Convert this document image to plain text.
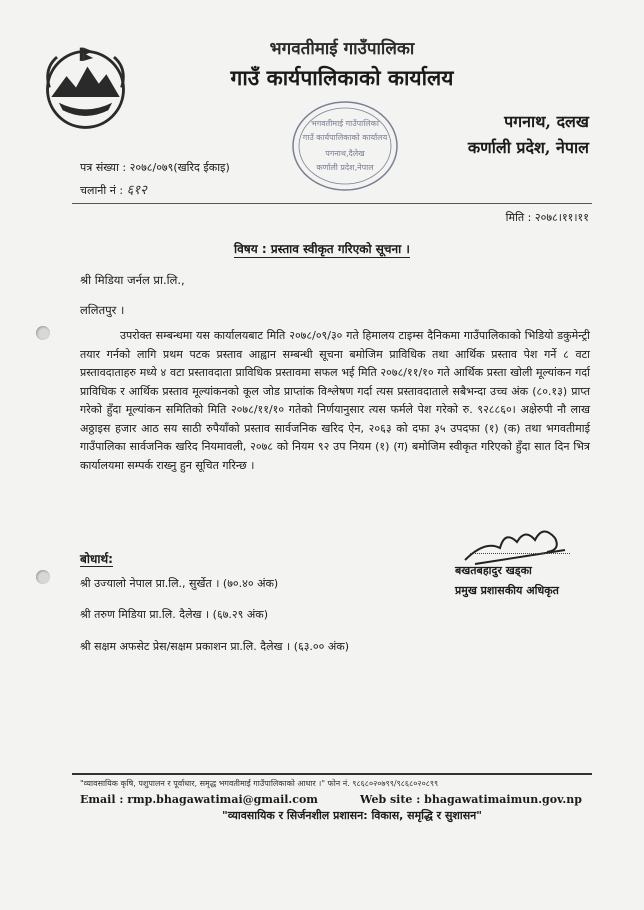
भगवतीमाई गाउँपालिका
गाउँ कार्यपालिकाको कार्यालय
पगनाथ, दलख
कर्णाली प्रदेश, नेपाल
भगवतीमाई गाउँपालिका
गाउँ कार्यपालिकाको कार्यालय
पगनाथ,दैलेख
कर्णाली प्रदेश,नेपाल
पत्र संख्या : २०७८/०७९(खरिद ईकाइ)
चलानी नं : ६१२
मिति : २०७८।११।११
विषय : प्रस्ताव स्वीकृत गरिएको सूचना ।
श्री मिडिया जर्नल प्रा.लि.,
ललितपुर ।
उपरोक्त सम्बन्धमा यस कार्यालयबाट मिति २०७८/०९/३० गते हिमालय टाइम्स दैनिकमा गाउँपालिकाको भिडियो डकुमेन्ट्री तयार गर्नको लागि प्रथम पटक प्रस्ताव आह्वान सम्बन्धी सूचना बमोजिम प्राविधिक तथा आर्थिक प्रस्ताव पेश गर्ने ८ वटा प्रस्तावदाताहरु मध्ये ४ वटा प्रस्तावदाता प्राविधिक प्रस्तावमा सफल भई मिति २०७८/११/१० गते आर्थिक प्रस्ता खोली मूल्यांकन गर्दा प्राविधिक र आर्थिक प्रस्ताव मूल्यांकनको कूल जोड प्राप्तांक विश्लेषण गर्दा त्यस प्रस्तावदाताले सबैभन्दा उच्च अंक (८०.१३) प्राप्त गरेको हुँदा मूल्यांकन समितिको मिति २०७८/११/१० गतेको निर्णयानुसार त्यस फर्मले पेश गरेको रु. ९२८८६०। अक्षेरुपी नौ लाख अठ्ठाइस हजार आठ सय साठी रुपैयाँको प्रस्ताव सार्वजनिक खरिद ऐन, २०६३ को दफा ३५ उपदफा (१) (क) तथा भगवतीमाई गाउँपालिका सार्वजनिक खरिद नियमावली, २०७८ को नियम ९२ उप नियम (१) (ग) बमोजिम स्वीकृत गरिएको हुँदा सात दिन भित्र कार्यालयमा सम्पर्क राख्नु हुन सूचित गरिन्छ ।
बखतबहादुर खड्का
प्रमुख प्रशासकीय अधिकृत
बोधार्थ:
श्री उज्यालो नेपाल प्रा.लि., सुर्खेत । (७०.४० अंक)
श्री तरुण मिडिया प्रा.लि. दैलेख । (६७.२९ अंक)
श्री सक्षम अफसेट प्रेस/सक्षम प्रकाशन प्रा.लि. दैलेख । (६३.०० अंक)
"व्यावसायिक कृषि, पशुपालन र पूर्वाधार, समृद्ध भगवतीमाई गाउँपालिकाको आधार ।" फोन नं. ९८६८०२०७९९/९८६८०२०८९९
Email : rmp.bhagawatimai@gmail.com	Web site : bhagawatimaimun.gov.np
"व्यावसायिक र सिर्जनशील प्रशासन: विकास, समृद्धि र सुशासन"
